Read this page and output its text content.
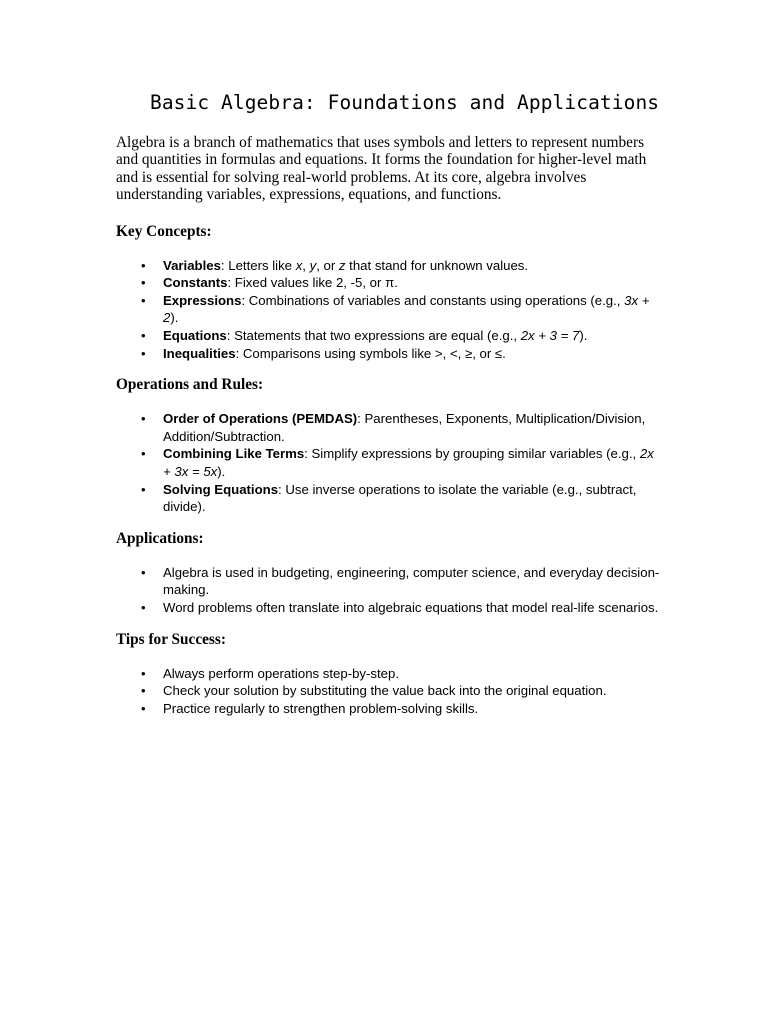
Basic Algebra: Foundations and Applications

Algebra is a branch of mathematics that uses symbols and letters to represent numbers and quantities in formulas and equations. It forms the foundation for higher-level math and is essential for solving real-world problems. At its core, algebra involves understanding variables, expressions, equations, and functions.

Key Concepts:
• Variables: Letters like x, y, or z that stand for unknown values.
• Constants: Fixed values like 2, -5, or π.
• Expressions: Combinations of variables and constants using operations (e.g., 3x + 2).
• Equations: Statements that two expressions are equal (e.g., 2x + 3 = 7).
• Inequalities: Comparisons using symbols like >, <, ≥, or ≤.
Operations and Rules:
• Order of Operations (PEMDAS): Parentheses, Exponents, Multiplication/Division, Addition/Subtraction.
• Combining Like Terms: Simplify expressions by grouping similar variables (e.g., 2x + 3x = 5x).
• Solving Equations: Use inverse operations to isolate the variable (e.g., subtract, divide).
Applications:
• Algebra is used in budgeting, engineering, computer science, and everyday decision-making.
• Word problems often translate into algebraic equations that model real-life scenarios.
Tips for Success:
• Always perform operations step-by-step.
• Check your solution by substituting the value back into the original equation.
• Practice regularly to strengthen problem-solving skills.
